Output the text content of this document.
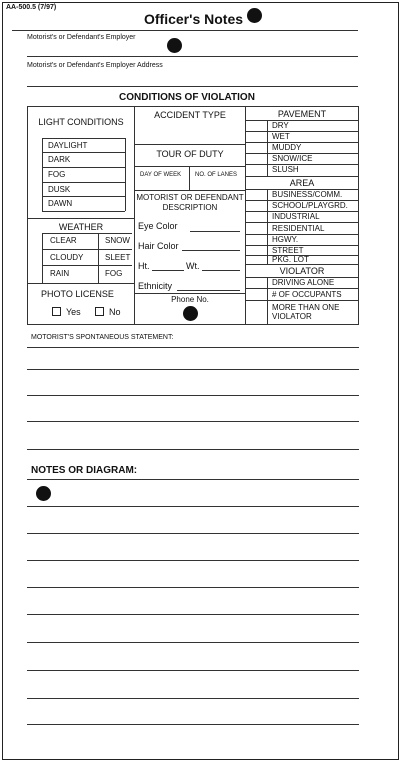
AA-500.5 (7/97)
Officer's Notes
Motorist's or Defendant's Employer
Motorist's or Defendant's Employer Address
CONDITIONS OF VIOLATION
LIGHT CONDITIONS
DAYLIGHT
DARK
FOG
DUSK
DAWN
WEATHER
CLEAR	SNOW
CLOUDY	SLEET
RAIN	FOG
PHOTO LICENSE
Yes	No
ACCIDENT TYPE
TOUR OF DUTY
DAY OF WEEK NO. OF LANES
MOTORIST OR DEFENDANT DESCRIPTION
Eye Color
Hair Color
Ht.	Wt.
Ethnicity
Phone No.
PAVEMENT
DRY
WET
MUDDY
SNOW/ICE
SLUSH
AREA
BUSINESS/COMM.
SCHOOL/PLAYGRD.
INDUSTRIAL
RESIDENTIAL
HGWY.
STREET
PKG. LOT
VIOLATOR
DRIVING ALONE
# OF OCCUPANTS
MORE THAN ONE VIOLATOR
MOTORIST'S SPONTANEOUS STATEMENT:
NOTES OR DIAGRAM:
